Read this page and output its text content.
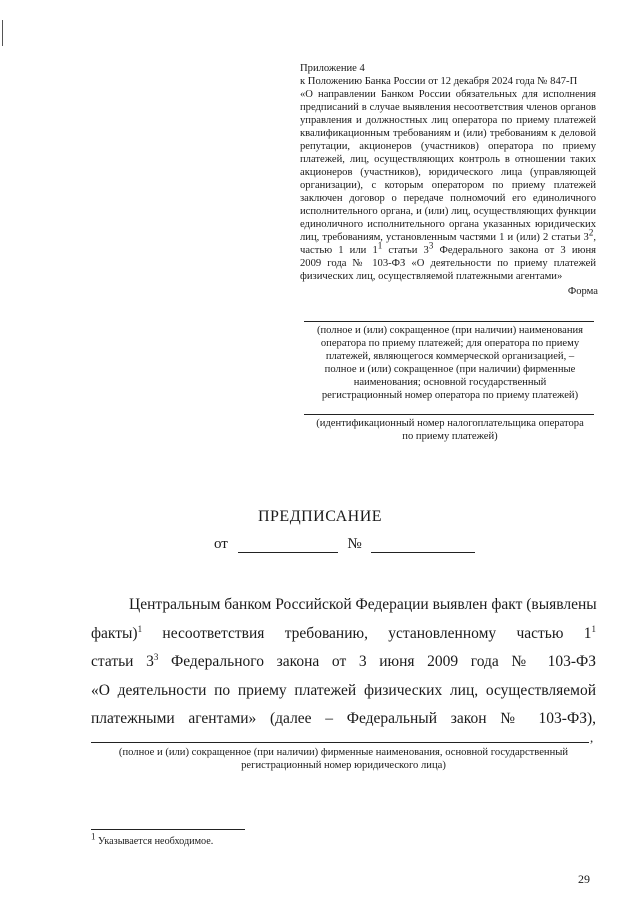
Приложение 4
к Положению Банка России от 12 декабря 2024 года № 847-П
«О направлении Банком России обязательных для исполнения
предписаний в случае выявления несоответствия членов органов
управления и должностных лиц оператора по приему платежей
квалификационным требованиям и (или) требованиям к деловой
репутации, акционеров (участников) оператора по приему
платежей, лиц, осуществляющих контроль в отношении таких
акционеров (участников), юридического лица (управляющей
организации), с которым оператором по приему платежей
заключен договор о передаче полномочий его единоличного
исполнительного органа, и (или) лиц, осуществляющих функции
единоличного исполнительного органа указанных юридических
лиц, требованиям, установленным частями 1 и (или) 2 статьи $3^2$,
частью 1 или $1^1$ статьи $3^3$ Федерального закона от 3 июня
2009 года № 103-ФЗ «О деятельности по приему платежей
физических лиц, осуществляемой платежными агентами»
Форма
(полное и (или) сокращенное (при наличии) наименования
оператора по приему платежей; для оператора по приему
платежей, являющегося коммерческой организацией, –
полное и (или) сокращенное (при наличии) фирменные
наименования; основной государственный
регистрационный номер оператора по приему платежей)
(идентификационный номер налогоплательщика оператора
по приему платежей)
ПРЕДПИСАНИЕ
от	№
Центральным банком Российской Федерации выявлен факт (выявлены
факты)$^1$ несоответствия требованию, установленному частью $1^1$
статьи $3^3$ Федерального закона от 3 июня 2009 года № 103-ФЗ
«О деятельности по приему платежей физических лиц, осуществляемой
платежными агентами» (далее – Федеральный закон № 103-ФЗ),
,
(полное и (или) сокращенное (при наличии) фирменные наименования, основной государственный
регистрационный номер юридического лица)
$^1$ Указывается необходимое.
29
